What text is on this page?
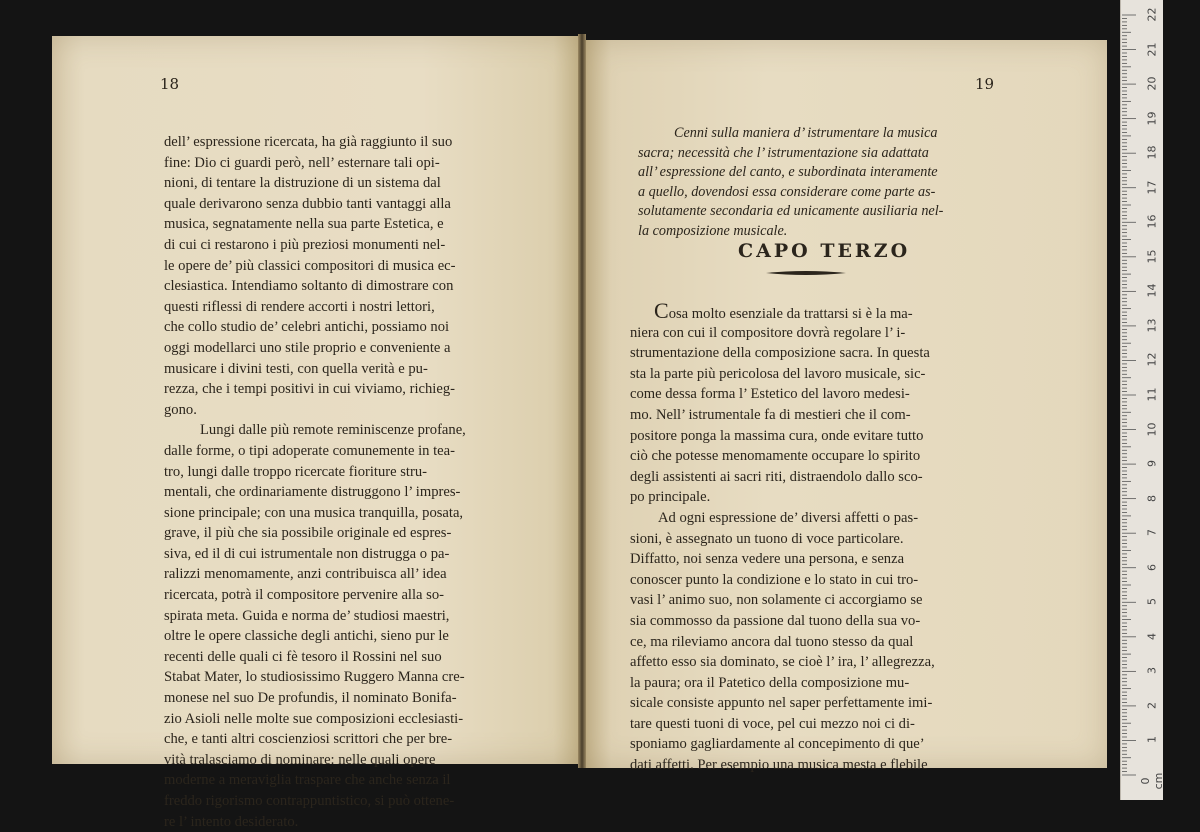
18	19
dell’ espressione ricercata, ha già raggiunto il suo
fine: Dio ci guardi però, nell’ esternare tali opi-
nioni, di tentare la distruzione di un sistema dal
quale derivarono senza dubbio tanti vantaggi alla
musica, segnatamente nella sua parte Estetica, e
di cui ci restarono i più preziosi monumenti nel-
le opere de’ più classici compositori di musica ec-
clesiastica. Intendiamo soltanto di dimostrare con
questi riflessi di rendere accorti i nostri lettori,
che collo studio de’ celebri antichi, possiamo noi
oggi modellarci uno stile proprio e conveniente a
musicare i divini testi, con quella verità e pu-
rezza, che i tempi positivi in cui viviamo, richieg-
gono.
Lungi dalle più remote reminiscenze profane,
dalle forme, o tipi adoperate comunemente in tea-
tro, lungi dalle troppo ricercate fioriture stru-
mentali, che ordinariamente distruggono l’ impres-
sione principale; con una musica tranquilla, posata,
grave, il più che sia possibile originale ed espres-
siva, ed il di cui istrumentale non distrugga o pa-
ralizzi menomamente, anzi contribuisca all’ idea
ricercata, potrà il compositore pervenire alla so-
spirata meta. Guida e norma de’ studiosi maestri,
oltre le opere classiche degli antichi, sieno pur le
recenti delle quali ci fè tesoro il Rossini nel suo
Stabat Mater, lo studiosissimo Ruggero Manna cre-
monese nel suo De profundis, il nominato Bonifa-
zio Asioli nelle molte sue composizioni ecclesiasti-
che, e tanti altri coscienziosi scrittori che per bre-
vità tralasciamo di nominare: nelle quali opere
moderne a meraviglia traspare che anche senza il
freddo rigorismo contrappuntistico, si può ottene-
re l’ intento desiderato.
Cenni sulla maniera d’ istrumentare la musica
sacra; necessità che l’ istrumentazione sia adattata
all’ espressione del canto, e subordinata interamente
a quello, dovendosi essa considerare come parte as-
solutamente secondaria ed unicamente ausiliaria nel-
la composizione musicale.
CAPO TERZO
Cosa molto esenziale da trattarsi si è la ma-
niera con cui il compositore dovrà regolare l’ i-
strumentazione della composizione sacra. In questa
sta la parte più pericolosa del lavoro musicale, sic-
come dessa forma l’ Estetico del lavoro medesi-
mo. Nell’ istrumentale fa di mestieri che il com-
positore ponga la massima cura, onde evitare tutto
ciò che potesse menomamente occupare lo spirito
degli assistenti ai sacri riti, distraendolo dallo sco-
po principale.
Ad ogni espressione de’ diversi affetti o pas-
sioni, è assegnato un tuono di voce particolare.
Diffatto, noi senza vedere una persona, e senza
conoscer punto la condizione e lo stato in cui tro-
vasi l’ animo suo, non solamente ci accorgiamo se
sia commosso da passione dal tuono della sua vo-
ce, ma rileviamo ancora dal tuono stesso da qual
affetto esso sia dominato, se cioè l’ ira, l’ allegrezza,
la paura; ora il Patetico della composizione mu-
sicale consiste appunto nel saper perfettamente imi-
tare questi tuoni di voce, pel cui mezzo noi ci di-
sponiamo gagliardamente al concepimento di que’
dati affetti. Per esempio una musica mesta e flebile
0 cm
1
2
3
4
5
6
7
8
9
10
11
12
13
14
15
16
17
18
19
20
21
22
